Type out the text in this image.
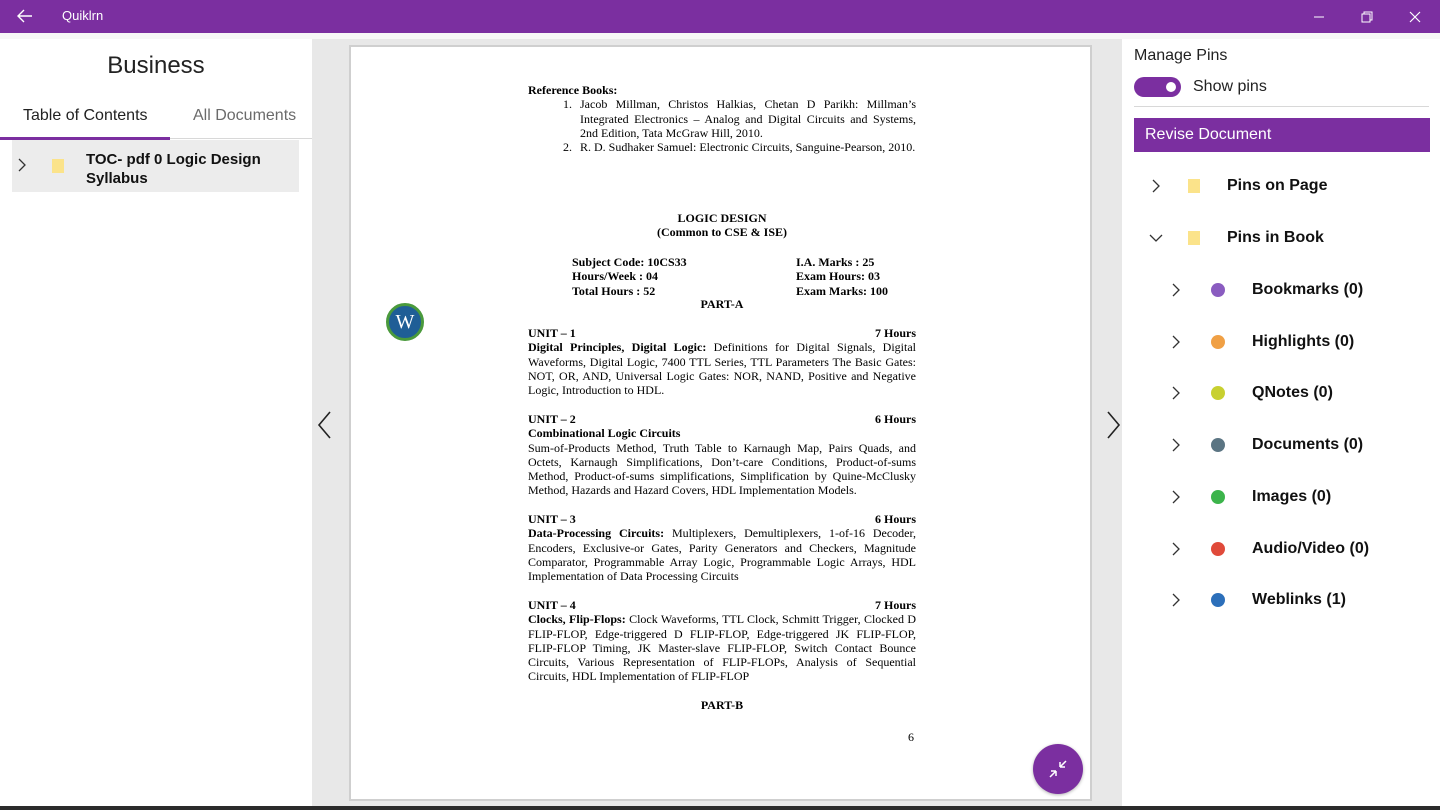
Quiklrn
Business
Table of Contents	All Documents
TOC- pdf 0 Logic Design Syllabus
Reference Books:
1. Jacob Millman, Christos Halkias, Chetan D Parikh: Millman’s Integrated Electronics – Analog and Digital Circuits and Systems, 2nd Edition, Tata McGraw Hill, 2010.
2. R. D. Sudhaker Samuel: Electronic Circuits, Sanguine-Pearson, 2010.
LOGIC DESIGN
(Common to CSE & ISE)
Subject Code: 10CS33	I.A. Marks : 25
Hours/Week : 04	Exam Hours: 03
Total Hours : 52	Exam Marks: 100
PART-A
UNIT – 1	7 Hours
Digital Principles, Digital Logic: Definitions for Digital Signals, Digital Waveforms, Digital Logic, 7400 TTL Series, TTL Parameters The Basic Gates: NOT, OR, AND, Universal Logic Gates: NOR, NAND, Positive and Negative Logic, Introduction to HDL.
UNIT – 2	6 Hours
Combinational Logic Circuits
Sum-of-Products Method, Truth Table to Karnaugh Map, Pairs Quads, and Octets, Karnaugh Simplifications, Don’t-care Conditions, Product-of-sums Method, Product-of-sums simplifications, Simplification by Quine-McClusky Method, Hazards and Hazard Covers, HDL Implementation Models.
UNIT – 3	6 Hours
Data-Processing Circuits: Multiplexers, Demultiplexers, 1-of-16 Decoder, Encoders, Exclusive-or Gates, Parity Generators and Checkers, Magnitude Comparator, Programmable Array Logic, Programmable Logic Arrays, HDL Implementation of Data Processing Circuits
UNIT – 4	7 Hours
Clocks, Flip-Flops: Clock Waveforms, TTL Clock, Schmitt Trigger, Clocked D FLIP-FLOP, Edge-triggered D FLIP-FLOP, Edge-triggered JK FLIP-FLOP, FLIP-FLOP Timing, JK Master-slave FLIP-FLOP, Switch Contact Bounce Circuits, Various Representation of FLIP-FLOPs, Analysis of Sequential Circuits, HDL Implementation of FLIP-FLOP
PART-B
6
W
Manage Pins
Show pins
Revise Document
Pins on Page
Pins in Book
Bookmarks (0)
Highlights (0)
QNotes (0)
Documents (0)
Images (0)
Audio/Video (0)
Weblinks (1)
